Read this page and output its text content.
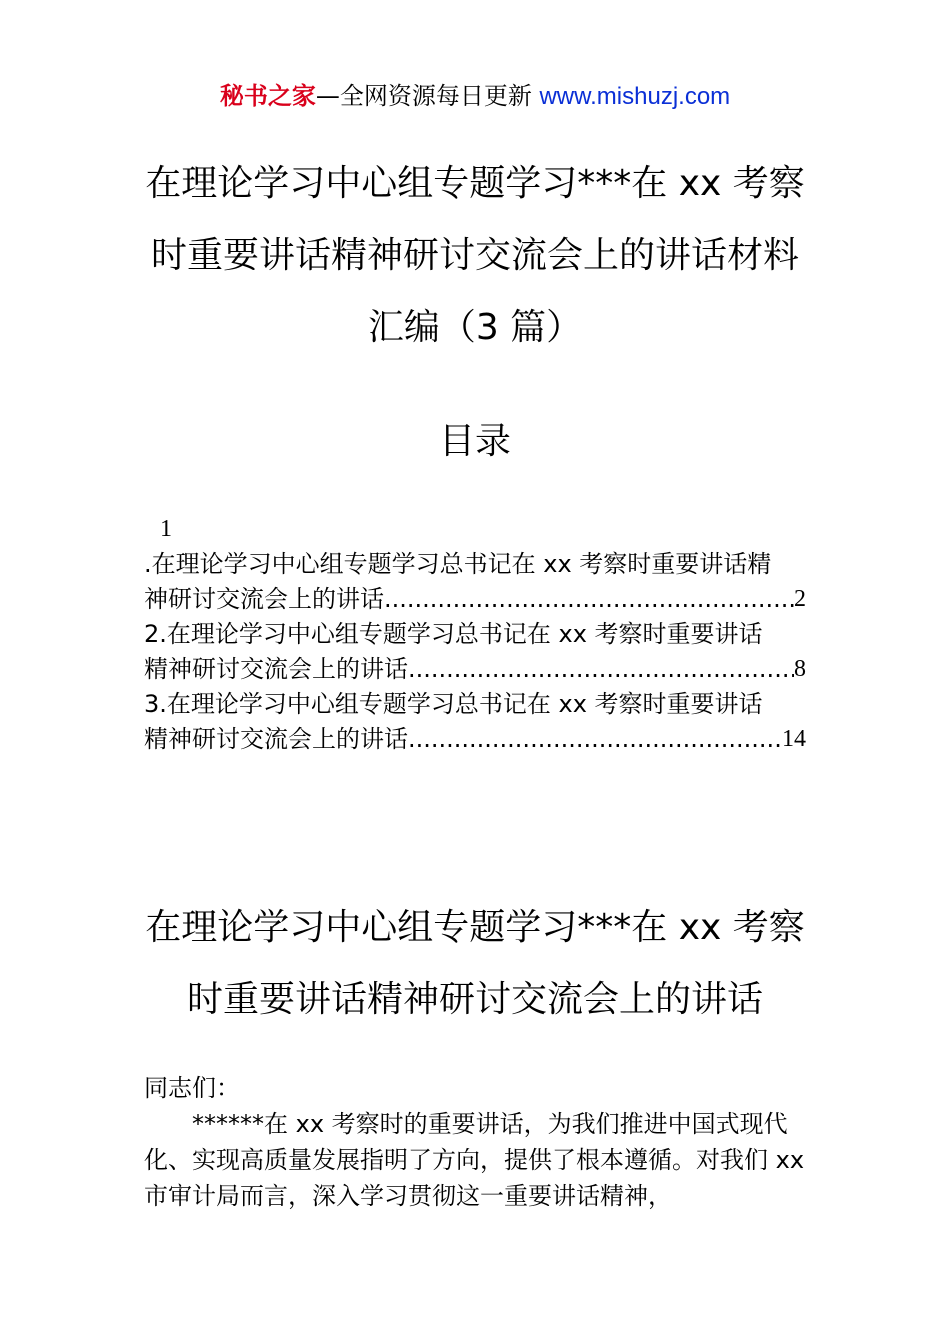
秘书之家—全网资源每日更新 www.mishuzj.com
在理论学习中心组专题学习***在 xx 考察
时重要讲话精神研讨交流会上的讲话材料
汇编（3 篇）
目录
1
.在理论学习中心组专题学习总书记在 xx 考察时重要讲话精
神研讨交流会上的讲话 .....	2
2.在理论学习中心组专题学习总书记在 xx 考察时重要讲话
精神研讨交流会上的讲话 .....	8
3.在理论学习中心组专题学习总书记在 xx 考察时重要讲话
精神研讨交流会上的讲话 .....	14
在理论学习中心组专题学习***在 xx 考察
时重要讲话精神研讨交流会上的讲话

同志们：

******在 xx 考察时的重要讲话，为我们推进中国式现代化、实现高质量发展指明了方向，提供了根本遵循。对我们 xx 市审计局而言，深入学习贯彻这一重要讲话精神，
